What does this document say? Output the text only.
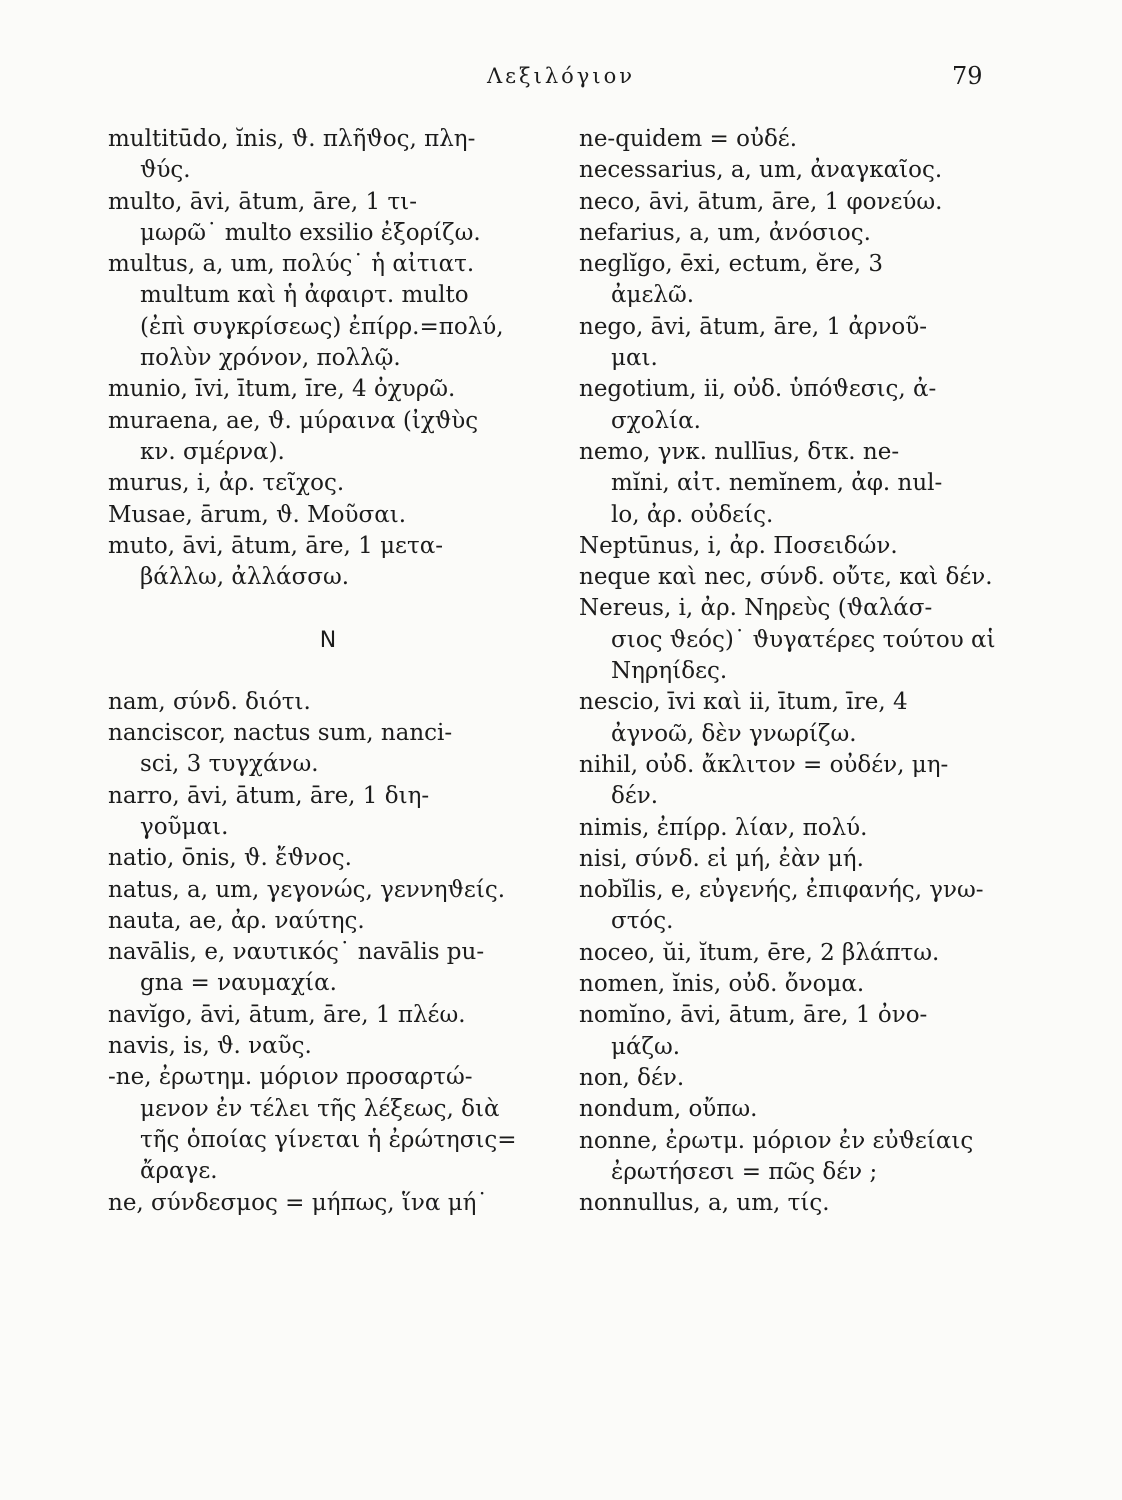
Λεξιλόγιον	79
multitūdo, ĭnis, ϑ. πλῆϑος, πλη-
ϑύς.
multo, āvi, ātum, āre, 1 τι-
μωρῶ˙ multo exsilio ἐξορίζω.
multus, a, um, πολύς˙ ἡ αἰτιατ.
multum καὶ ἡ ἀφαιρτ. multo
(ἐπὶ συγκρίσεως) ἐπίρρ.=πολύ,
πολὺν χρόνον, πολλῷ.
munio, īvi, ītum, īre, 4 ὀχυρῶ.
muraena, ae, ϑ. μύραινα (ἰχϑὺς
κν. σμέρνα).
murus, i, ἀρ. τεῖχος.
Musae, ārum, ϑ. Μοῦσαι.
muto, āvi, ātum, āre, 1 μετα-
βάλλω, ἀλλάσσω.
N
nam, σύνδ. διότι.
nanciscor, nactus sum, nanci-
sci, 3 τυγχάνω.
narro, āvi, ātum, āre, 1 διη-
γοῦμαι.
natio, ōnis, ϑ. ἔϑνος.
natus, a, um, γεγονώς, γεννηϑείς.
nauta, ae, ἀρ. ναύτης.
navālis, e, ναυτικός˙ navālis pu-
gna = ναυμαχία.
navĭgo, āvi, ātum, āre, 1 πλέω.
navis, is, ϑ. ναῦς.
-ne, ἐρωτημ. μόριον προσαρτώ-
μενον ἐν τέλει τῆς λέξεως, διὰ
τῆς ὁποίας γίνεται ἡ ἐρώτησις=
ἄραγε.
ne, σύνδεσμος = μήπως, ἵνα μή˙
ne-quidem = οὐδέ.
necessarius, a, um, ἀναγκαῖος.
neco, āvi, ātum, āre, 1 φονεύω.
nefarius, a, um, ἀνόσιος.
neglĭgo, ēxi, ectum, ĕre, 3
ἀμελῶ.
nego, āvi, ātum, āre, 1 ἀρνοῦ-
μαι.
negotium, ii, οὐδ. ὑπόϑεσις, ἀ-
σχολία.
nemo, γνκ. nullīus, δτκ. ne-
mĭni, αἰτ. nemĭnem, ἀφ. nul-
lo, ἀρ. οὐδείς.
Neptūnus, i, ἀρ. Ποσειδών.
neque καὶ nec, σύνδ. οὔτε, καὶ δέν.
Nereus, i, ἀρ. Νηρεὺς (ϑαλάσ-
σιος ϑεός)˙ ϑυγατέρες τούτου αἱ
Νηρηίδες.
nescio, īvi καὶ ii, ītum, īre, 4
ἀγνοῶ, δὲν γνωρίζω.
nihil, οὐδ. ἄκλιτον = οὐδέν, μη-
δέν.
nimis, ἐπίρρ. λίαν, πολύ.
nisi, σύνδ. εἰ μή, ἐὰν μή.
nobĭlis, e, εὐγενής, ἐπιφανής, γνω-
στός.
noceo, ŭi, ĭtum, ēre, 2 βλάπτω.
nomen, ĭnis, οὐδ. ὄνομα.
nomĭno, āvi, ātum, āre, 1 ὀνο-
μάζω.
non, δέν.
nondum, οὔπω.
nonne, ἐρωτμ. μόριον ἐν εὐϑείαις
ἐρωτήσεσι = πῶς δέν ;
nonnullus, a, um, τίς.
